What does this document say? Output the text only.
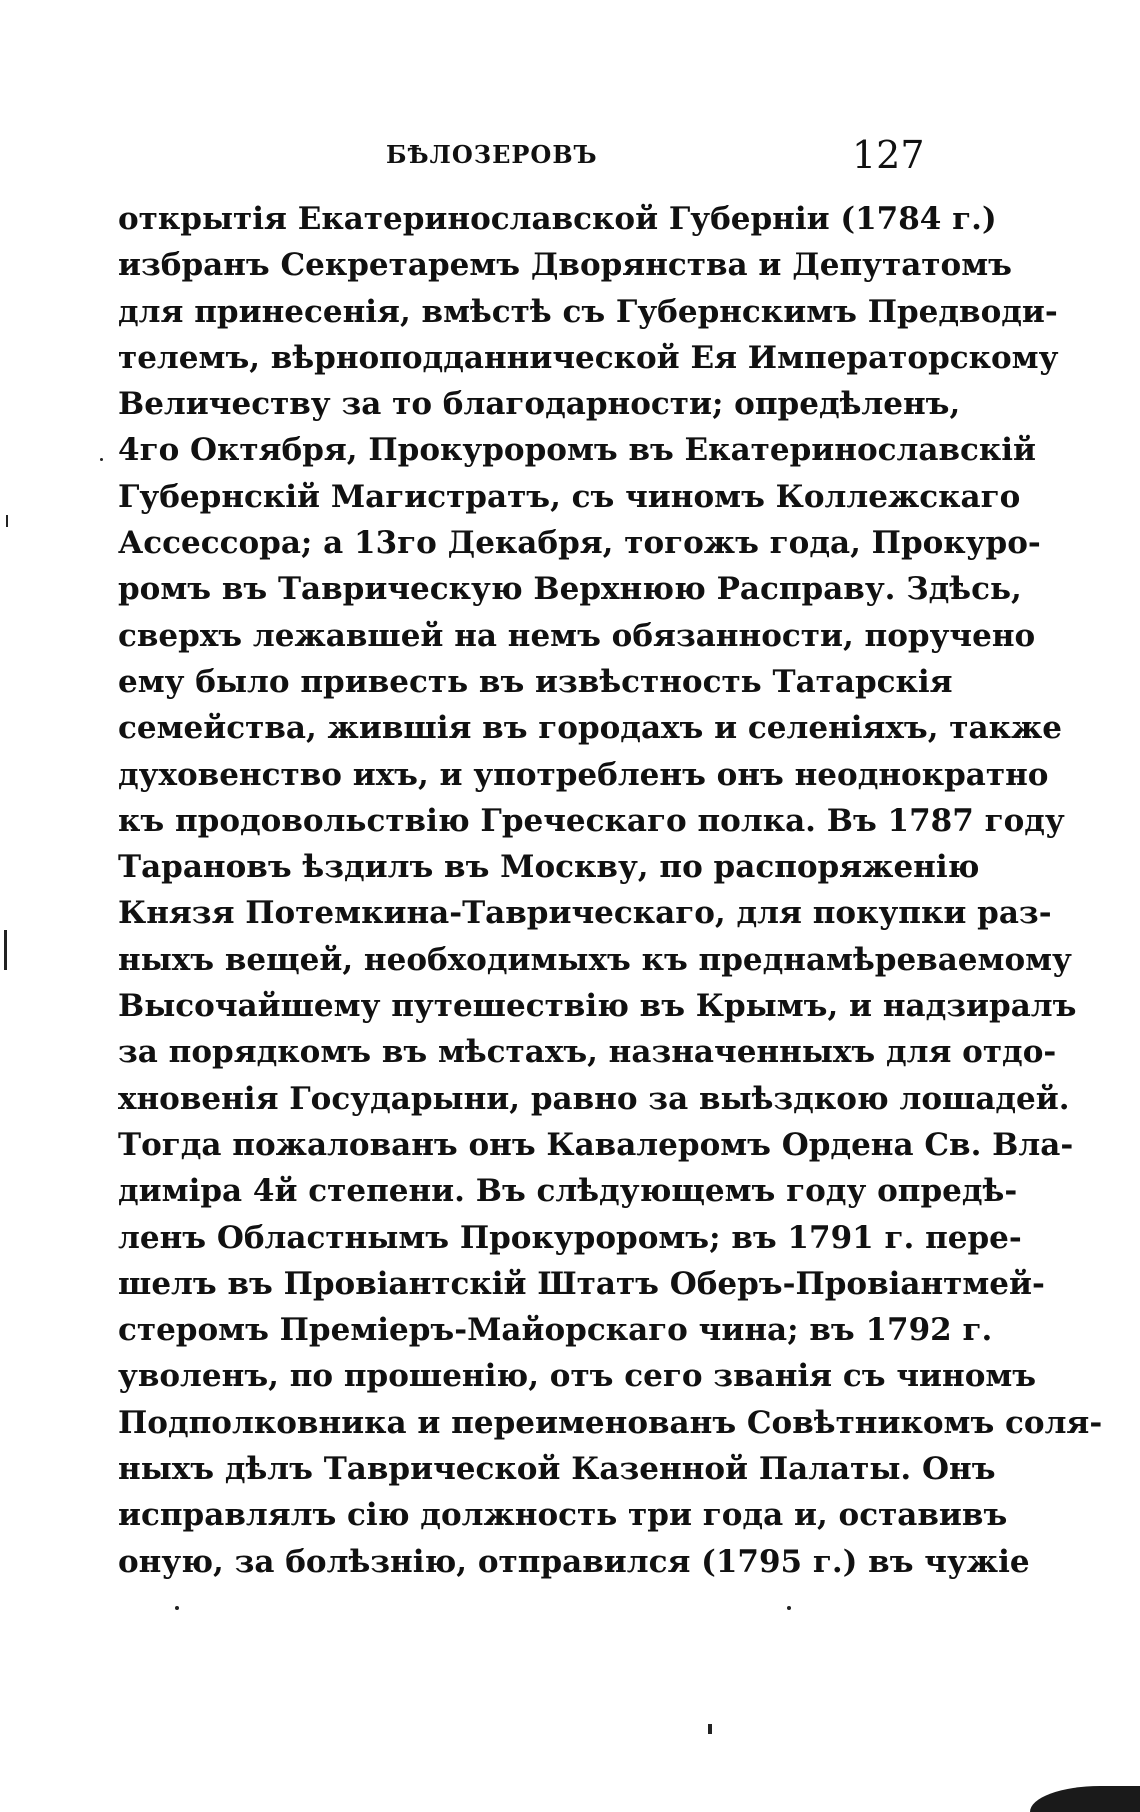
БѢЛОЗЕРОВЪ	127
открытія Екатеринославской Губерніи (1784 г.)
избранъ Секретаремъ Дворянства и Депутатомъ
для принесенія, вмѣстѣ съ Губернскимъ Предводи-
телемъ, вѣрноподданнической Ея Императорскому
Величеству за то благодарности; опредѣленъ,
4го Октября, Прокуроромъ въ Екатеринославскій
Губернскій Магистратъ, съ чиномъ Коллежскаго
Ассессора; а 13го Декабря, тогожъ года, Прокуро-
ромъ въ Таврическую Верхнюю Расправу. Здѣсь,
сверхъ лежавшей на немъ обязанности, поручено
ему было привесть въ извѣстность Татарскія
семейства, жившія въ городахъ и селеніяхъ, также
духовенство ихъ, и употребленъ онъ неоднократно
къ продовольствію Греческаго полка. Въ 1787 году
Тарановъ ѣздилъ въ Москву, по распоряженію
Князя Потемкина-Таврическаго, для покупки раз-
ныхъ вещей, необходимыхъ къ преднамѣреваемому
Высочайшему путешествію въ Крымъ, и надзиралъ
за порядкомъ въ мѣстахъ, назначенныхъ для отдо-
хновенія Государыни, равно за выѣздкою лошадей.
Тогда пожалованъ онъ Кавалеромъ Ордена Св. Вла-
диміра 4й степени. Въ слѣдующемъ году опредѣ-
ленъ Областнымъ Прокуроромъ; въ 1791 г. пере-
шелъ въ Провіантскій Штатъ Оберъ-Провіантмей-
стеромъ Преміеръ-Майорскаго чина; въ 1792 г.
уволенъ, по прошенію, отъ сего званія съ чиномъ
Подполковника и переименованъ Совѣтникомъ соля-
ныхъ дѣлъ Таврической Казенной Палаты. Онъ
исправлялъ сію должность три года и, оставивъ
оную, за болѣзнію, отправился (1795 г.) въ чужіе
